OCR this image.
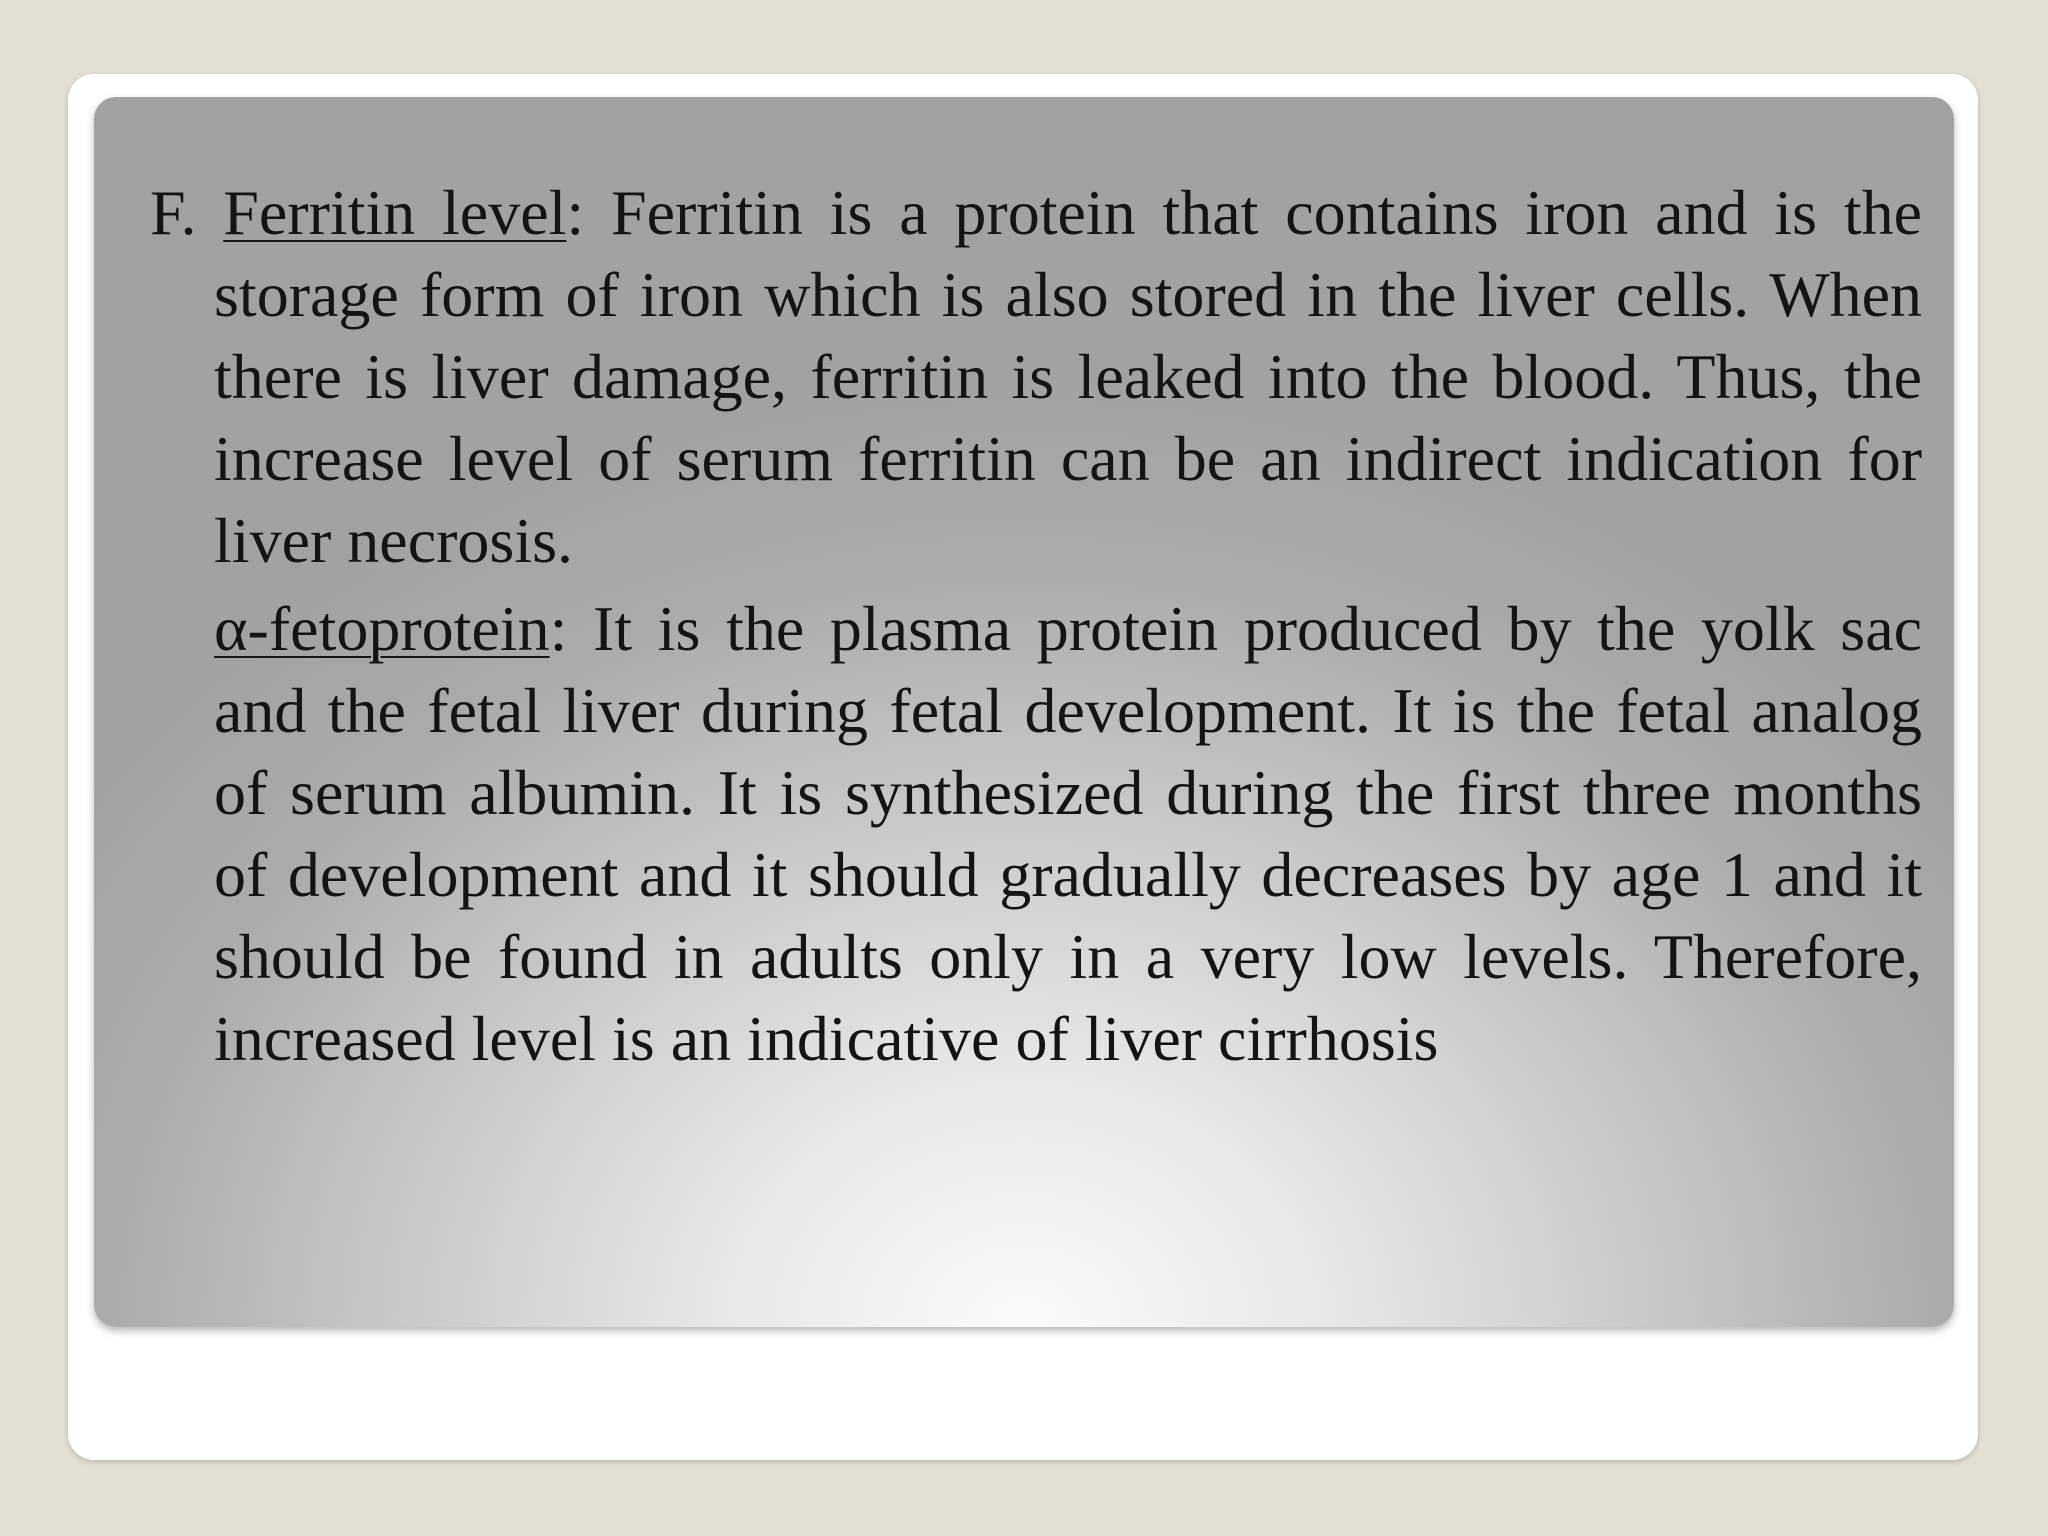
F. Ferritin level: Ferritin is a protein that contains iron and is the storage form of iron which is also stored in the liver cells. When there is liver damage, ferritin is leaked into the blood. Thus, the increase level of serum ferritin can be an indirect indication for liver necrosis.

α-fetoprotein: It is the plasma protein produced by the yolk sac and the fetal liver during fetal development. It is the fetal analog of serum albumin. It is synthesized during the first three months of development and it should gradually decreases by age 1 and it should be found in adults only in a very low levels. Therefore, increased level is an indicative of liver cirrhosis
